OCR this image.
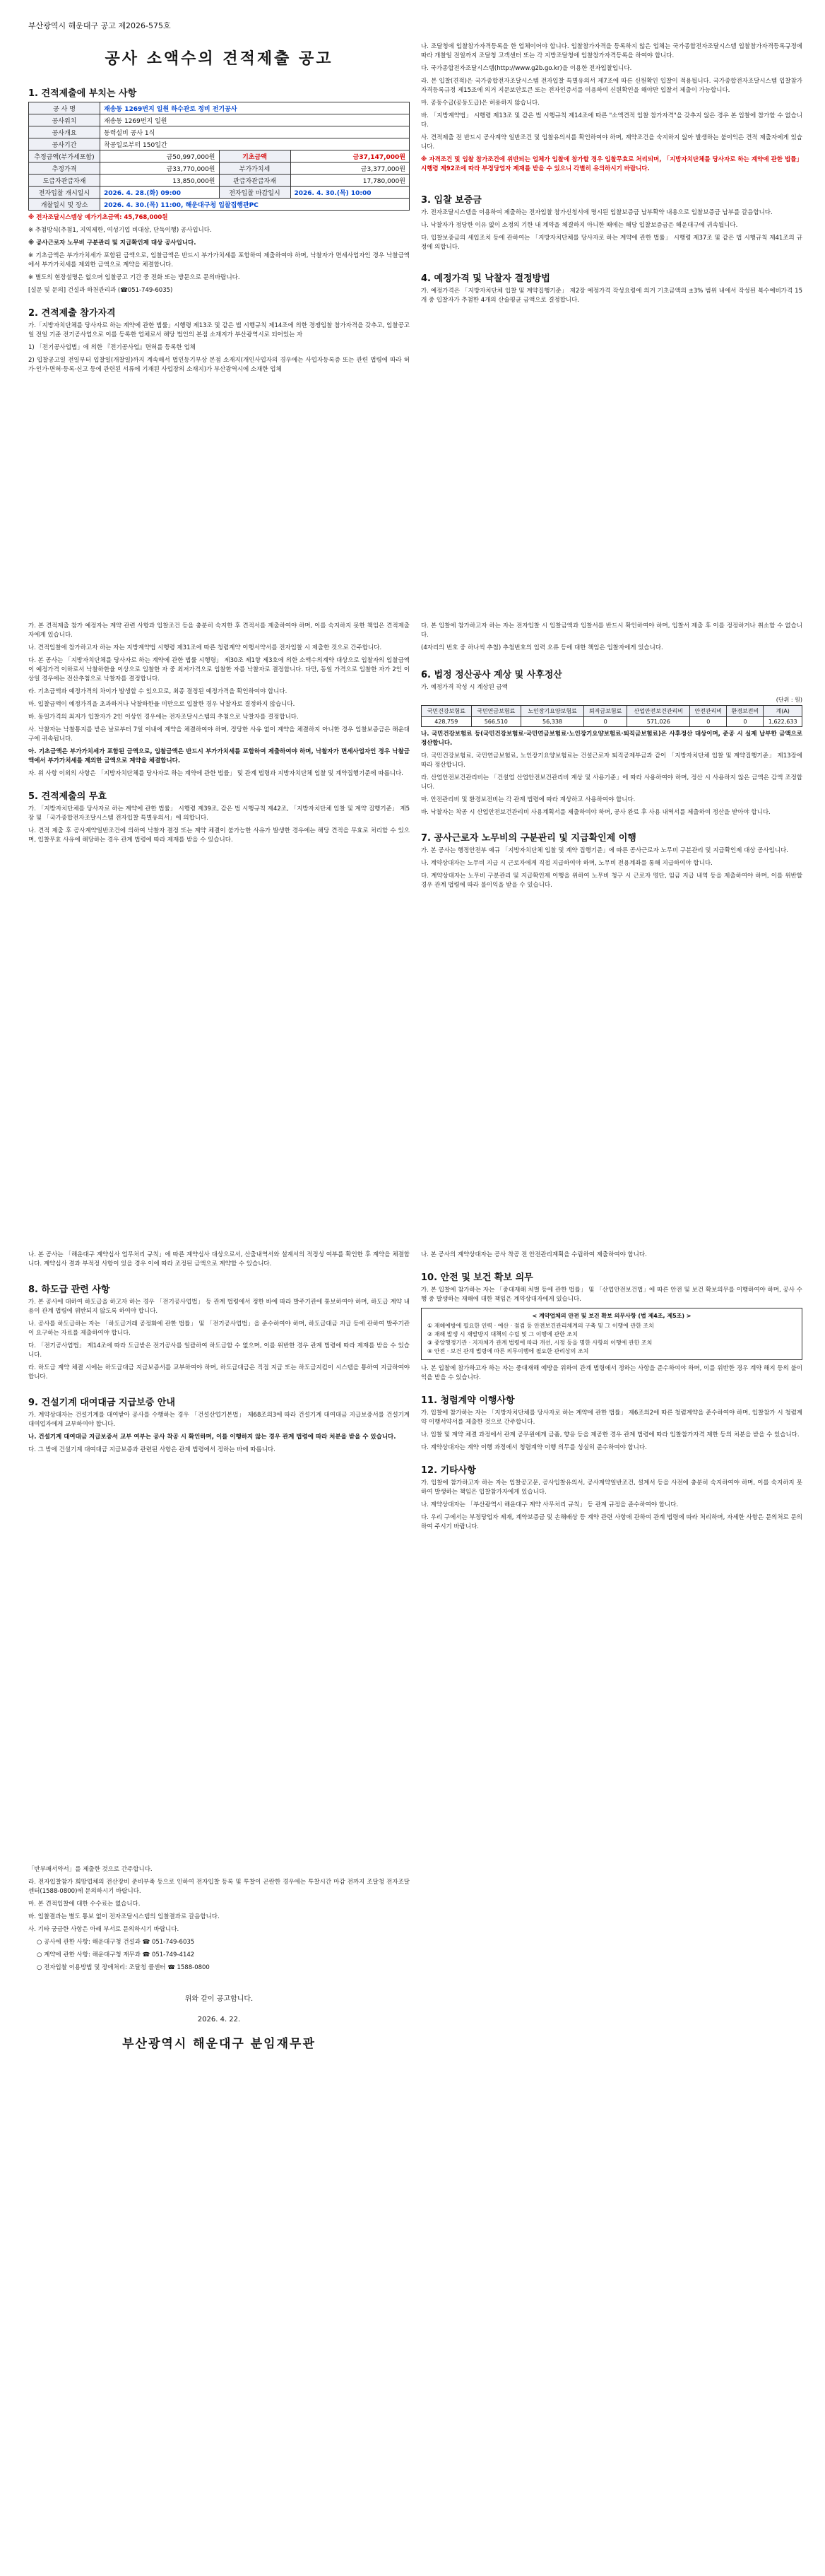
부산광역시 해운대구 공고 제2026-575호
공사 소액수의 견적제출 공고
1. 견적제출에 부치는 사항
공 사 명	재송동 1269번지 일원 하수관로 정비 전기공사		
공사위치	재송동 1269번지 일원		
공사개요	동력설비 공사 1식		
공사기간	착공일로부터 150일간		
추정금액(부가세포함)	금50,997,000원	기초금액	금37,147,000원
추정가격	금33,770,000원	부가가치세	금3,377,000원
도급자관급자재	13,850,000원	관급자관급자재	17,780,000원
전자입찰 개시일시	2026. 4. 28.(화) 09:00	전자입찰 마감일시	2026. 4. 30.(목) 10:00
개찰일시 및 장소	2026. 4. 30.(목) 11:00, 해운대구청 입찰집행관PC		

※ 전자조달시스템상 예가기초금액: 45,768,000원

※ 추첨방식(추첨1, 지역제한, 여성기업 비대상, 단독이행) 공사입니다.

※ 공사근로자 노무비 구분관리 및 지급확인제 대상 공사입니다.

※ 기초금액은 부가가치세가 포함된 금액으로, 입찰금액은 반드시 부가가치세를 포함하여 제출하여야 하며, 낙찰자가 면세사업자인 경우 낙찰금액에서 부가가치세를 제외한 금액으로 계약을 체결합니다.

※ 별도의 현장설명은 없으며 입찰공고 기간 중 전화 또는 방문으로 문의바랍니다.

[설문 및 문의] 건설과 하천관리과 (☎051-749-6035)

2. 견적제출 참가자격

가.「지방자치단체를 당사자로 하는 계약에 관한 법률」시행령 제13조 및 같은 법 시행규칙 제14조에 의한 경쟁입찰 참가자격을 갖추고, 입찰공고일 전일 기준 전기공사업으로 이를 등록한 업체로서 해당 법인의 본점 소재지가 부산광역시로 되어있는 자

1) 「전기공사업법」에 의한 『전기공사업』면허를 등록한 업체

2) 입찰공고일 전일부터 입찰일(개찰일)까지 계속해서 법인등기부상 본점 소재지(개인사업자의 경우에는 사업자등록증 또는 관련 법령에 따라 허가·인가·면허·등록·신고 등에 관련된 서류에 기재된 사업장의 소재지)가 부산광역시에 소재한 업체

나. 조달청에 입찰참가자격등록을 한 업체이어야 합니다. 입찰참가자격을 등록하지 않은 업체는 국가종합전자조달시스템 입찰참가자격등록규정에 따라 개찰일 전일까지 조달청 고객센터 또는 각 지방조달청에 입찰참가자격등록을 하여야 합니다.

다. 국가종합전자조달시스템(http://www.g2b.go.kr)을 이용한 전자입찰입니다.

라. 본 입찰(견적)은 국가종합전자조달시스템 전자입찰 특별유의서 제7조에 따른 신원확인 입찰이 적용됩니다. 국가종합전자조달시스템 입찰참가자격등록규정 제15조에 의거 지문보안토큰 또는 전자인증서를 이용하여 신원확인을 해야만 입찰서 제출이 가능합니다.

마. 공동수급(공동도급)은 허용하지 않습니다.

바. 「지방계약법」 시행령 제13조 및 같은 법 시행규칙 제14조에 따른 "소액견적 입찰 참가자격"을 갖추지 않은 경우 본 입찰에 참가할 수 없습니다.

사. 견적제출 전 반드시 공사계약 일반조건 및 입찰유의서를 확인하여야 하며, 계약조건을 숙지하지 않아 발생하는 불이익은 견적 제출자에게 있습니다.

※ 자격조건 및 입찰 참가조건에 위반되는 업체가 입찰에 참가할 경우 입찰무효로 처리되며, 「지방자치단체를 당사자로 하는 계약에 관한 법률」 시행령 제92조에 따라 부정당업자 제재를 받을 수 있으니 각별히 유의하시기 바랍니다.

3. 입찰 보증금

가. 전자조달시스템을 이용하여 제출하는 전자입찰 참가신청서에 명시된 입찰보증금 납부확약 내용으로 입찰보증금 납부를 갈음합니다.

나. 낙찰자가 정당한 이유 없이 소정의 기한 내 계약을 체결하지 아니한 때에는 해당 입찰보증금은 해운대구에 귀속됩니다.

다. 입찰보증금의 세입조치 등에 관하여는 「지방자치단체를 당사자로 하는 계약에 관한 법률」 시행령 제37조 및 같은 법 시행규칙 제41조의 규정에 의합니다.

4. 예정가격 및 낙찰자 결정방법

가. 예정가격은 「지방자치단체 입찰 및 계약집행기준」 제2장 예정가격 작성요령에 의거 기초금액의 ±3% 범위 내에서 작성된 복수예비가격 15개 중 입찰자가 추첨한 4개의 산술평균 금액으로 결정합니다.

가. 본 견적제출 참가 예정자는 계약 관련 사항과 입찰조건 등을 충분히 숙지한 후 견적서를 제출하여야 하며, 이를 숙지하지 못한 책임은 견적제출자에게 있습니다.

나. 견적입찰에 참가하고자 하는 자는 지방계약법 시행령 제31조에 따른 청렴계약 이행서약서를 전자입찰 시 제출한 것으로 간주합니다.

다. 본 공사는 「지방자치단체를 당사자로 하는 계약에 관한 법률 시행령」 제30조 제1항 제3호에 의한 소액수의계약 대상으로 입찰자의 입찰금액이 예정가격 이하로서 낙찰하한율 이상으로 입찰한 자 중 최저가격으로 입찰한 자를 낙찰자로 결정합니다. 다만, 동일 가격으로 입찰한 자가 2인 이상일 경우에는 전산추첨으로 낙찰자를 결정합니다.

라. 기초금액과 예정가격의 차이가 발생할 수 있으므로, 최종 결정된 예정가격을 확인하여야 합니다.

마. 입찰금액이 예정가격을 초과하거나 낙찰하한율 미만으로 입찰한 경우 낙찰자로 결정하지 않습니다.

바. 동일가격의 최저가 입찰자가 2인 이상인 경우에는 전자조달시스템의 추첨으로 낙찰자를 결정합니다.

사. 낙찰자는 낙찰통지를 받은 날로부터 7일 이내에 계약을 체결하여야 하며, 정당한 사유 없이 계약을 체결하지 아니한 경우 입찰보증금은 해운대구에 귀속됩니다.

아. 기초금액은 부가가치세가 포함된 금액으로, 입찰금액은 반드시 부가가치세를 포함하여 제출하여야 하며, 낙찰자가 면세사업자인 경우 낙찰금액에서 부가가치세를 제외한 금액으로 계약을 체결합니다.

자. 위 사항 이외의 사항은 「지방자치단체를 당사자로 하는 계약에 관한 법률」 및 관계 법령과 지방자치단체 입찰 및 계약집행기준에 따릅니다.

5. 견적제출의 무효

가. 「지방자치단체를 당사자로 하는 계약에 관한 법률」 시행령 제39조, 같은 법 시행규칙 제42조, 「지방자치단체 입찰 및 계약 집행기준」 제5장 및 「국가종합전자조달시스템 전자입찰 특별유의서」에 의합니다.

나. 견적 제출 후 공사계약일반조건에 의하여 낙찰자 결정 또는 계약 체결이 불가능한 사유가 발생한 경우에는 해당 견적을 무효로 처리할 수 있으며, 입찰무효 사유에 해당하는 경우 관계 법령에 따라 제재를 받을 수 있습니다.

다. 본 입찰에 참가하고자 하는 자는 전자입찰 시 입찰금액과 입찰서를 반드시 확인하여야 하며, 입찰서 제출 후 이를 정정하거나 취소할 수 없습니다.

(4자리의 번호 중 하나씩 추첨) 추첨번호의 입력 오류 등에 대한 책임은 입찰자에게 있습니다.

6. 법정 정산공사 계상 및 사후정산

가. 예정가격 작성 시 계상된 금액

(단위 : 원)
국민건강보험료	국민연금보험료	노인장기요양보험료	퇴직금보험료	산업안전보건관리비	안전관리비	환경보전비	계(A)
428,759	566,510	56,338	0	571,026	0	0	1,622,633

나. 국민건강보험료 등(국민건강보험료·국민연금보험료·노인장기요양보험료·퇴직금보험료)은 사후정산 대상이며, 준공 시 실제 납부한 금액으로 정산합니다.

다. 국민건강보험료, 국민연금보험료, 노인장기요양보험료는 건설근로자 퇴직공제부금과 같이 「지방자치단체 입찰 및 계약집행기준」 제13장에 따라 정산합니다.

라. 산업안전보건관리비는 「건설업 산업안전보건관리비 계상 및 사용기준」에 따라 사용하여야 하며, 정산 시 사용하지 않은 금액은 감액 조정합니다.

마. 안전관리비 및 환경보전비는 각 관계 법령에 따라 계상하고 사용하여야 합니다.

바. 낙찰자는 착공 시 산업안전보건관리비 사용계획서를 제출하여야 하며, 공사 완료 후 사용 내역서를 제출하여 정산을 받아야 합니다.

7. 공사근로자 노무비의 구분관리 및 지급확인제 이행

가. 본 공사는 행정안전부 예규 「지방자치단체 입찰 및 계약 집행기준」에 따른 공사근로자 노무비 구분관리 및 지급확인제 대상 공사입니다.

나. 계약상대자는 노무비 지급 시 근로자에게 직접 지급하여야 하며, 노무비 전용계좌를 통해 지급하여야 합니다.

다. 계약상대자는 노무비 구분관리 및 지급확인제 이행을 위하여 노무비 청구 시 근로자 명단, 임금 지급 내역 등을 제출하여야 하며, 이를 위반할 경우 관계 법령에 따라 불이익을 받을 수 있습니다.

나. 본 공사는 「해운대구 계약심사 업무처리 규칙」에 따른 계약심사 대상으로서, 산출내역서와 설계서의 적정성 여부를 확인한 후 계약을 체결합니다. 계약심사 결과 부적정 사항이 있을 경우 이에 따라 조정된 금액으로 계약할 수 있습니다.

8. 하도급 관련 사항

가. 본 공사에 대하여 하도급을 하고자 하는 경우 「전기공사업법」 등 관계 법령에서 정한 바에 따라 발주기관에 통보하여야 하며, 하도급 계약 내용이 관계 법령에 위반되지 않도록 하여야 합니다.

나. 공사를 하도급하는 자는 「하도급거래 공정화에 관한 법률」 및 「전기공사업법」을 준수하여야 하며, 하도급대금 지급 등에 관하여 발주기관이 요구하는 자료를 제출하여야 합니다.

다. 「전기공사업법」 제14조에 따라 도급받은 전기공사를 일괄하여 하도급할 수 없으며, 이를 위반한 경우 관계 법령에 따라 제재를 받을 수 있습니다.

라. 하도급 계약 체결 시에는 하도급대금 지급보증서를 교부하여야 하며, 하도급대금은 직접 지급 또는 하도급지킴이 시스템을 통하여 지급하여야 합니다.

9. 건설기계 대여대금 지급보증 안내

가. 계약상대자는 건설기계를 대여받아 공사를 수행하는 경우 「건설산업기본법」 제68조의3에 따라 건설기계 대여대금 지급보증서를 건설기계 대여업자에게 교부하여야 합니다.

나. 건설기계 대여대금 지급보증서 교부 여부는 공사 착공 시 확인하며, 이를 이행하지 않는 경우 관계 법령에 따라 처분을 받을 수 있습니다.

다. 그 밖에 건설기계 대여대금 지급보증과 관련된 사항은 관계 법령에서 정하는 바에 따릅니다.

나. 본 공사의 계약상대자는 공사 착공 전 안전관리계획을 수립하여 제출하여야 합니다.

10. 안전 및 보건 확보 의무

가. 본 입찰에 참가하는 자는 「중대재해 처벌 등에 관한 법률」 및 「산업안전보건법」에 따른 안전 및 보건 확보의무를 이행하여야 하며, 공사 수행 중 발생하는 재해에 대한 책임은 계약상대자에게 있습니다.

< 계약업체의 안전 및 보건 확보 의무사항 (법 제4조, 제5조) >
① 재해예방에 필요한 인력 · 예산 · 점검 등 안전보건관리체계의 구축 및 그 이행에 관한 조치
② 재해 발생 시 재발방지 대책의 수립 및 그 이행에 관한 조치
③ 중앙행정기관 · 지자체가 관계 법령에 따라 개선, 시정 등을 명한 사항의 이행에 관한 조치
④ 안전 · 보건 관계 법령에 따른 의무이행에 필요한 관리상의 조치

나. 본 입찰에 참가하고자 하는 자는 중대재해 예방을 위하여 관계 법령에서 정하는 사항을 준수하여야 하며, 이를 위반한 경우 계약 해지 등의 불이익을 받을 수 있습니다.

11. 청렴계약 이행사항

가. 입찰에 참가하는 자는 「지방자치단체를 당사자로 하는 계약에 관한 법률」 제6조의2에 따른 청렴계약을 준수하여야 하며, 입찰참가 시 청렴계약 이행서약서를 제출한 것으로 간주합니다.

나. 입찰 및 계약 체결 과정에서 관계 공무원에게 금품, 향응 등을 제공한 경우 관계 법령에 따라 입찰참가자격 제한 등의 처분을 받을 수 있습니다.

다. 계약상대자는 계약 이행 과정에서 청렴계약 이행 의무를 성실히 준수하여야 합니다.

12. 기타사항

가. 입찰에 참가하고자 하는 자는 입찰공고문, 공사입찰유의서, 공사계약일반조건, 설계서 등을 사전에 충분히 숙지하여야 하며, 이를 숙지하지 못하여 발생하는 책임은 입찰참가자에게 있습니다.

나. 계약상대자는 「부산광역시 해운대구 계약 사무처리 규칙」 등 관계 규정을 준수하여야 합니다.

다. 우리 구에서는 부정당업자 제재, 계약보증금 및 손해배상 등 계약 관련 사항에 관하여 관계 법령에 따라 처리하며, 자세한 사항은 문의처로 문의하여 주시기 바랍니다.

「반부패서약서」를 제출한 것으로 간주합니다.

라. 전자입찰참가 희망업체의 전산장비 준비부족 등으로 인하여 전자입찰 등록 및 투찰이 곤란한 경우에는 투찰시간 마감 전까지 조달청 전자조달센터(1588-0800)에 문의하시기 바랍니다.

마. 본 견적입찰에 대한 수수료는 없습니다.

바. 입찰결과는 별도 통보 없이 전자조달시스템의 입찰결과로 갈음합니다.

사. 기타 궁금한 사항은 아래 부서로 문의하시기 바랍니다.

○ 공사에 관한 사항: 해운대구청 건설과 ☎ 051-749-6035

○ 계약에 관한 사항: 해운대구청 재무과 ☎ 051-749-4142

○ 전자입찰 이용방법 및 장애처리: 조달청 콜센터 ☎ 1588-0800

위와 같이 공고합니다.
2026. 4. 22.
부산광역시 해운대구 분임재무관
